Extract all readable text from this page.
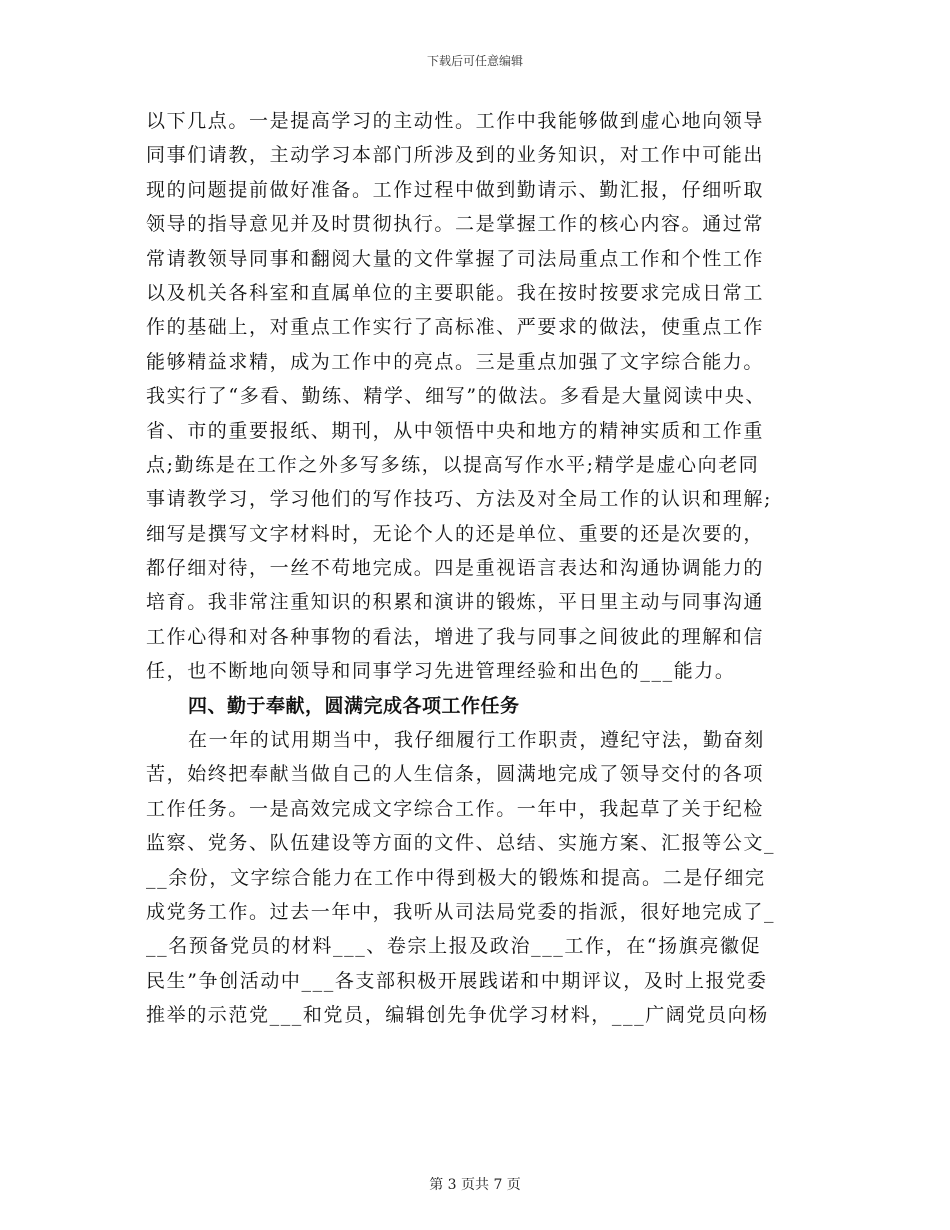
下载后可任意编辑
以下几点。一是提高学习的主动性。工作中我能够做到虚心地向领导
同事们请教，主动学习本部门所涉及到的业务知识，对工作中可能出
现的问题提前做好准备。工作过程中做到勤请示、勤汇报，仔细听取
领导的指导意见并及时贯彻执行。二是掌握工作的核心内容。通过常
常请教领导同事和翻阅大量的文件掌握了司法局重点工作和个性工作
以及机关各科室和直属单位的主要职能。我在按时按要求完成日常工
作的基础上，对重点工作实行了高标准、严要求的做法，使重点工作
能够精益求精，成为工作中的亮点。三是重点加强了文字综合能力。
我实行了“多看、勤练、精学、细写”的做法。多看是大量阅读中央、
省、市的重要报纸、期刊，从中领悟中央和地方的精神实质和工作重
点;勤练是在工作之外多写多练，以提高写作水平;精学是虚心向老同
事请教学习，学习他们的写作技巧、方法及对全局工作的认识和理解;
细写是撰写文字材料时，无论个人的还是单位、重要的还是次要的，
都仔细对待，一丝不苟地完成。四是重视语言表达和沟通协调能力的
培育。我非常注重知识的积累和演讲的锻炼，平日里主动与同事沟通
工作心得和对各种事物的看法，增进了我与同事之间彼此的理解和信
任，也不断地向领导和同事学习先进管理经验和出色的___能力。
四、勤于奉献，圆满完成各项工作任务
在一年的试用期当中，我仔细履行工作职责，遵纪守法，勤奋刻
苦，始终把奉献当做自己的人生信条，圆满地完成了领导交付的各项
工作任务。一是高效完成文字综合工作。一年中，我起草了关于纪检
监察、党务、队伍建设等方面的文件、总结、实施方案、汇报等公文_
__余份，文字综合能力在工作中得到极大的锻炼和提高。二是仔细完
成党务工作。过去一年中，我听从司法局党委的指派，很好地完成了_
__名预备党员的材料___、卷宗上报及政治___工作，在“扬旗亮徽促
民生”争创活动中___各支部积极开展践诺和中期评议，及时上报党委
推举的示范党___和党员，编辑创先争优学习材料，___广阔党员向杨
第 3 页共 7 页
